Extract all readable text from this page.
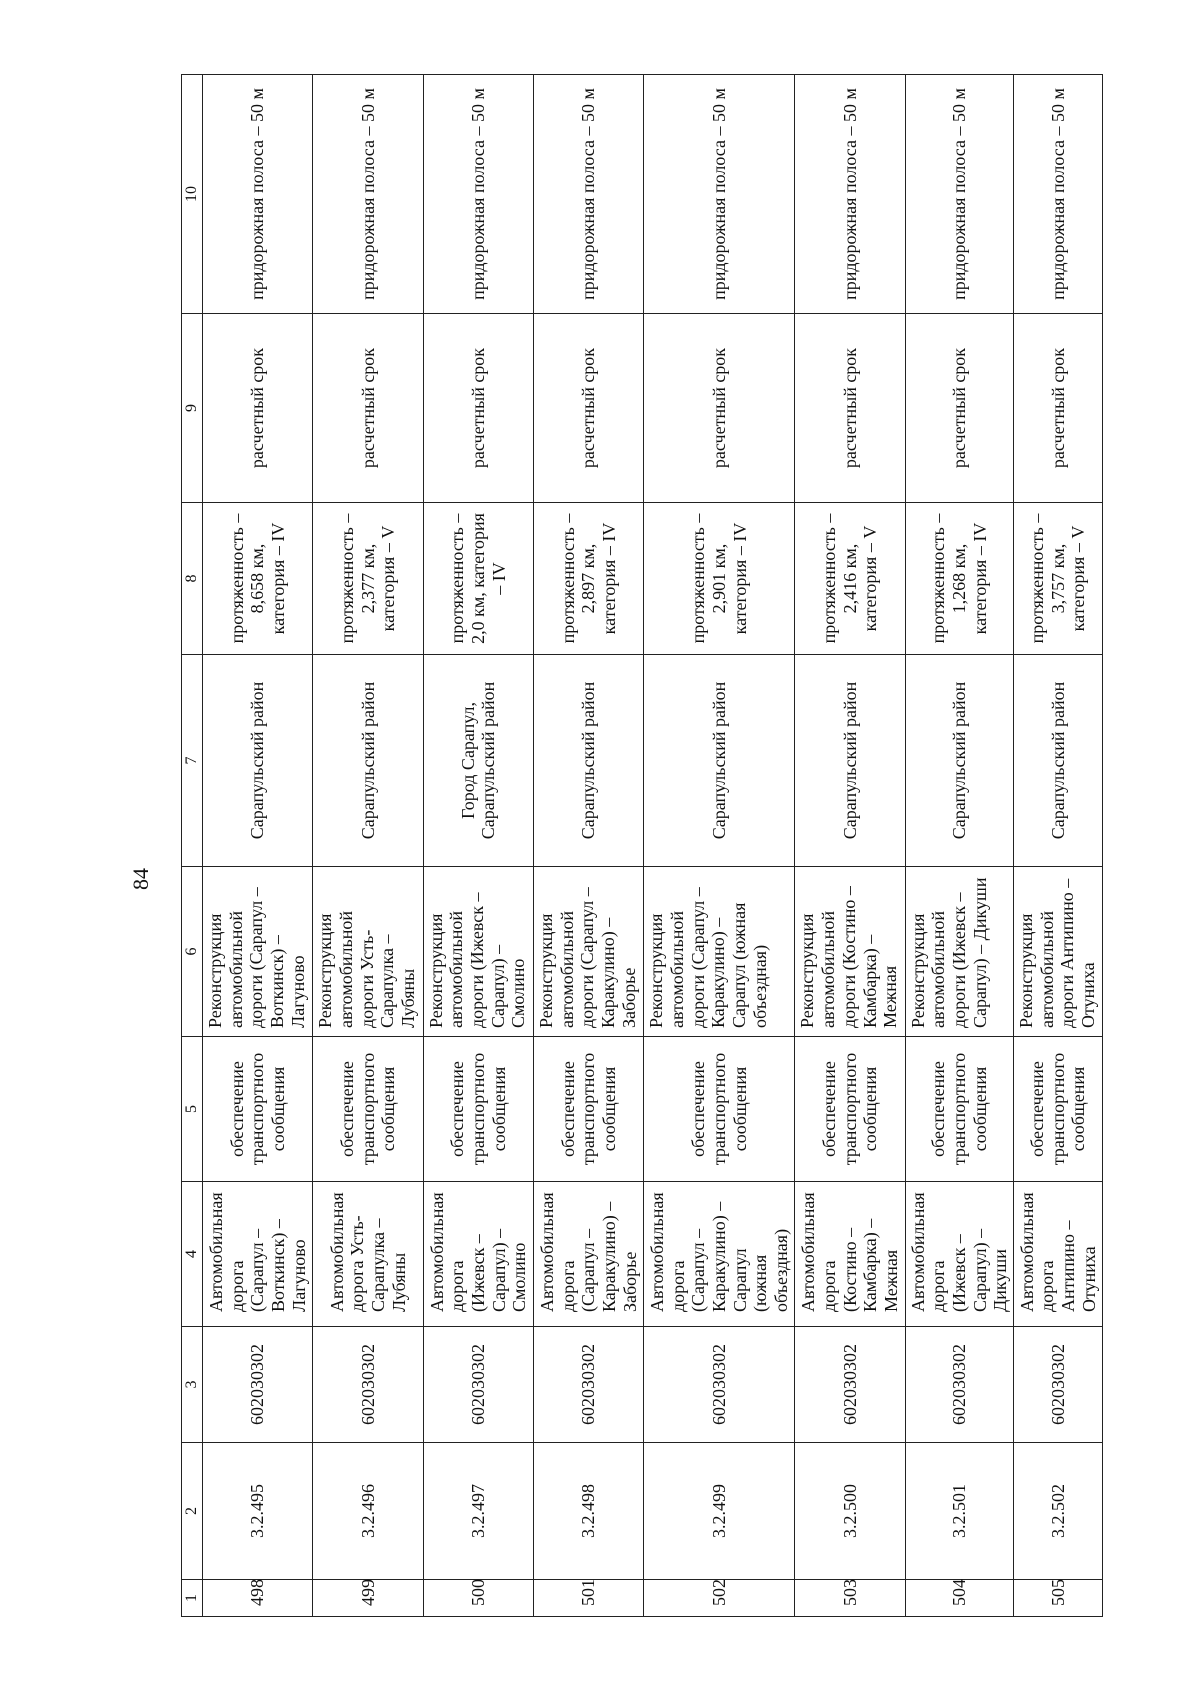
84
1	2	3	4	5	6	7	8	9	10
498	3.2.495	602030302	Автомобильная дорога (Сарапул – Воткинск) – Лагуново	обеспечение транспортного сообщения	Реконструкция автомобильной дороги (Сарапул – Воткинск) – Лагуново	Сарапульский район	протяженность – 8,658 км, категория – IV	расчетный срок	придорожная полоса – 50 м
499	3.2.496	602030302	Автомобильная дорога Усть-Сарапулка – Лубяны	обеспечение транспортного сообщения	Реконструкция автомобильной дороги Усть-Сарапулка – Лубяны	Сарапульский район	протяженность – 2,377 км, категория – V	расчетный срок	придорожная полоса – 50 м
500	3.2.497	602030302	Автомобильная дорога (Ижевск – Сарапул) – Смолино	обеспечение транспортного сообщения	Реконструкция автомобильной дороги (Ижевск – Сарапул) – Смолино	Город Сарапул, Сарапульский район	протяженность – 2,0 км, категория – IV	расчетный срок	придорожная полоса – 50 м
501	3.2.498	602030302	Автомобильная дорога (Сарапул – Каракулино) – Заборье	обеспечение транспортного сообщения	Реконструкция автомобильной дороги (Сарапул – Каракулино) – Заборье	Сарапульский район	протяженность – 2,897 км, категория – IV	расчетный срок	придорожная полоса – 50 м
502	3.2.499	602030302	Автомобильная дорога (Сарапул – Каракулино) – Сарапул (южная объездная)	обеспечение транспортного сообщения	Реконструкция автомобильной дороги (Сарапул – Каракулино) – Сарапул (южная объездная)	Сарапульский район	протяженность – 2,901 км, категория – IV	расчетный срок	придорожная полоса – 50 м
503	3.2.500	602030302	Автомобильная дорога (Костино – Камбарка) – Межная	обеспечение транспортного сообщения	Реконструкция автомобильной дороги (Костино – Камбарка) – Межная	Сарапульский район	протяженность – 2,416 км, категория – V	расчетный срок	придорожная полоса – 50 м
504	3.2.501	602030302	Автомобильная дорога (Ижевск – Сарапул) – Дикуши	обеспечение транспортного сообщения	Реконструкция автомобильной дороги (Ижевск – Сарапул) – Дикуши	Сарапульский район	протяженность – 1,268 км, категория – IV	расчетный срок	придорожная полоса – 50 м
505	3.2.502	602030302	Автомобильная дорога Антипино – Отуниха	обеспечение транспортного сообщения	Реконструкция автомобильной дороги Антипино – Отуниха	Сарапульский район	протяженность – 3,757 км, категория – V	расчетный срок	придорожная полоса – 50 м
